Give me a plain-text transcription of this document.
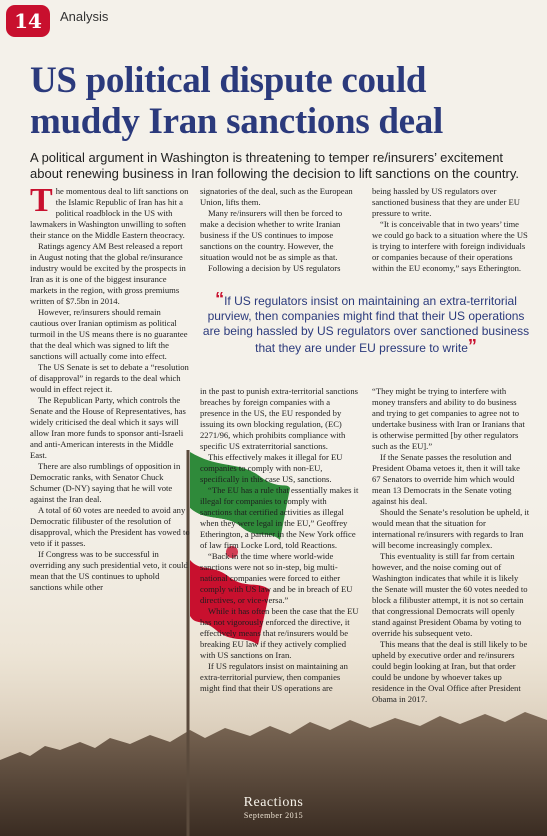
14	Analysis
US political dispute could muddy Iran sanctions deal

A political argument in Washington is threatening to temper re/insurers’ excitement about renewing business in Iran following the decision to lift sanctions on the country.

The momentous deal to lift sanctions on the Islamic Republic of Iran has hit a political roadblock in the US with lawmakers in Washington unwilling to soften their stance on the Middle Eastern theocracy.

Ratings agency AM Best released a report in August noting that the global re/insurance industry would be excited by the prospects in Iran as it is one of the biggest insurance markets in the region, with gross premiums written of $7.5bn in 2014.

However, re/insurers should remain cautious over Iranian optimism as political turmoil in the US means there is no guarantee that the deal which was signed to lift the sanctions will actually come into effect.

The US Senate is set to debate a “resolution of disapproval” in regards to the deal which would in effect reject it.

The Republican Party, which controls the Senate and the House of Representatives, has widely criticised the deal which it says will allow Iran more funds to sponsor anti-Israeli and anti-American interests in the Middle East.

There are also rumblings of opposition in Democratic ranks, with Senator Chuck Schumer (D-NY) saying that he will vote against the Iran deal.

A total of 60 votes are needed to avoid any Democratic filibuster of the resolution of disapproval, which the President has vowed to veto if it passes.

If Congress was to be successful in overriding any such presidential veto, it could mean that the US continues to uphold sanctions while other

signatories of the deal, such as the European Union, lifts them.

Many re/insurers will then be forced to make a decision whether to write Iranian business if the US continues to impose sanctions on the country. However, the situation would not be as simple as that.

Following a decision by US regulators

being hassled by US regulators over sanctioned business that they are under EU pressure to write.

“It is conceivable that in two years’ time we could go back to a situation where the US is trying to interfere with foreign individuals or companies because of their operations within the EU economy,” says Etherington.

“If US regulators insist on maintaining an extra-territorial purview, then companies might find that their US operations are being hassled by US regulators over sanctioned business that they are under EU pressure to write”

in the past to punish extra-territorial sanctions breaches by foreign companies with a presence in the US, the EU responded by issuing its own blocking regulation, (EC) 2271/96, which prohibits compliance with specific US extraterritorial sanctions.

This effectively makes it illegal for EU companies to comply with non-EU, specifically in this case US, sanctions.

“The EU has a rule that essentially makes it illegal for companies to comply with sanctions that certified activities as illegal when they were legal in the EU,” Geoffrey Etherington, a partner in the New York office of law firm Locke Lord, told Reactions.

“Back in the time where world-wide sanctions were not so in-step, big multi-national companies were forced to either comply with US law and be in breach of EU directives, or vice-versa.”

While it has often been the case that the EU has not vigorously enforced the directive, it effectively means that re/insurers would be breaking EU law if they actively complied with US sanctions on Iran.

If US regulators insist on maintaining an extra-territorial purview, then companies might find that their US operations are

“They might be trying to interfere with money transfers and ability to do business and trying to get companies to agree not to undertake business with Iran or Iranians that is otherwise permitted [by other regulators such as the EU].”

If the Senate passes the resolution and President Obama vetoes it, then it will take 67 Senators to override him which would mean 13 Democrats in the Senate voting against his deal.

Should the Senate’s resolution be upheld, it would mean that the situation for international re/insurers with regards to Iran will become increasingly complex.

This eventuality is still far from certain however, and the noise coming out of Washington indicates that while it is likely the Senate will muster the 60 votes needed to block a filibuster attempt, it is not so certain that congressional Democrats will openly stand against President Obama by voting to override his subsequent veto.

This means that the deal is still likely to be upheld by executive order and re/insurers could begin looking at Iran, but that order could be undone by whoever takes up residence in the Oval Office after President Obama in 2017.

Reactions
September 2015
